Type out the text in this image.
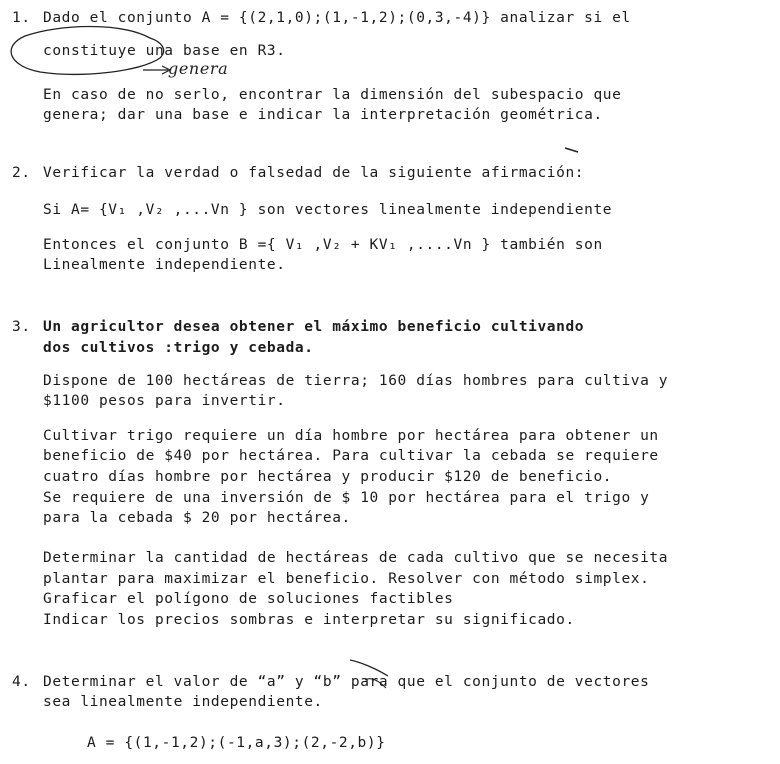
1. Dado el conjunto A = {(2,1,0);(1,-1,2);(0,3,-4)} analizar si el
constituye una base en R3.
En caso de no serlo, encontrar la dimensión del subespacio que
genera; dar una base e indicar la interpretación geométrica.
genera
2. Verificar la verdad o falsedad de la siguiente afirmación:
Si A= {V₁ ,V₂ ,...Vn } son vectores linealmente independiente
Entonces el conjunto B ={ V₁ ,V₂ + KV₁ ,....Vn } también son
Linealmente independiente.
3. Un agricultor desea obtener el máximo beneficio cultivando
dos cultivos :trigo y cebada.
Dispone de 100 hectáreas de tierra; 160 días hombres para cultiva y
$1100 pesos para invertir.
Cultivar trigo requiere un día hombre por hectárea para obtener un
beneficio de $40 por hectárea. Para cultivar la cebada se requiere
cuatro días hombre por hectárea y producir $120 de beneficio.
Se requiere de una inversión de $ 10 por hectárea para el trigo y
para la cebada $ 20 por hectárea.
Determinar la cantidad de hectáreas de cada cultivo que se necesita
plantar para maximizar el beneficio. Resolver con método simplex.
Graficar el polígono de soluciones factibles
Indicar los precios sombras e interpretar su significado.
4. Determinar el valor de “a” y “b” para que el conjunto de vectores
sea linealmente independiente.
A = {(1,-1,2);(-1,a,3);(2,-2,b)}
